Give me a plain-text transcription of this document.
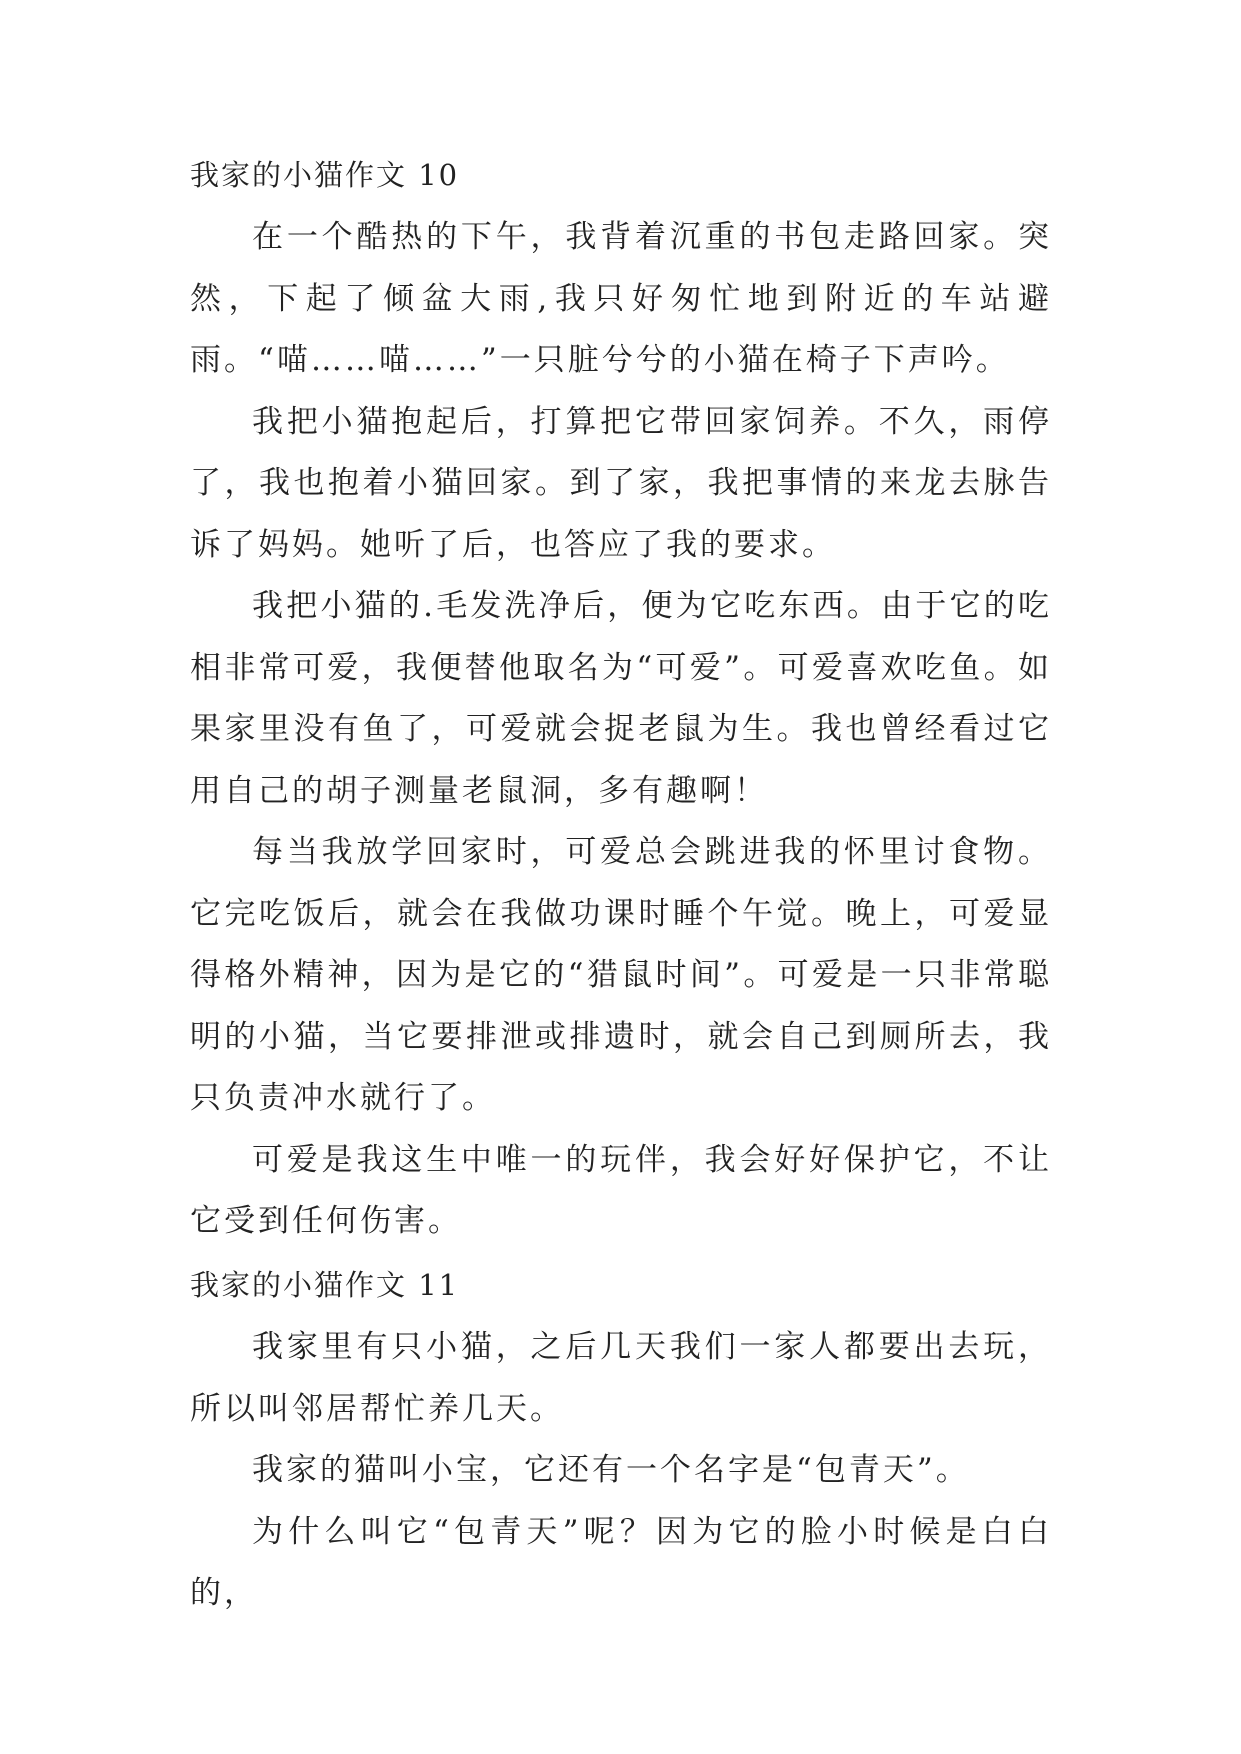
我家的小猫作文 10

在一个酷热的下午，我背着沉重的书包走路回家。突然，下起了倾盆大雨,我只好匆忙地到附近的车站避雨。“喵……喵……”一只脏兮兮的小猫在椅子下声吟。

我把小猫抱起后，打算把它带回家饲养。不久，雨停了，我也抱着小猫回家。到了家，我把事情的来龙去脉告诉了妈妈。她听了后，也答应了我的要求。

我把小猫的.毛发洗净后，便为它吃东西。由于它的吃相非常可爱，我便替他取名为“可爱”。可爱喜欢吃鱼。如果家里没有鱼了，可爱就会捉老鼠为生。我也曾经看过它用自己的胡子测量老鼠洞，多有趣啊！

每当我放学回家时，可爱总会跳进我的怀里讨食物。它完吃饭后，就会在我做功课时睡个午觉。晚上，可爱显得格外精神，因为是它的“猎鼠时间”。可爱是一只非常聪明的小猫，当它要排泄或排遗时，就会自己到厕所去，我只负责冲水就行了。

可爱是我这生中唯一的玩伴，我会好好保护它，不让它受到任何伤害。

我家的小猫作文 11

我家里有只小猫，之后几天我们一家人都要出去玩，所以叫邻居帮忙养几天。

我家的猫叫小宝，它还有一个名字是“包青天”。

为什么叫它“包青天”呢？因为它的脸小时候是白白的，
